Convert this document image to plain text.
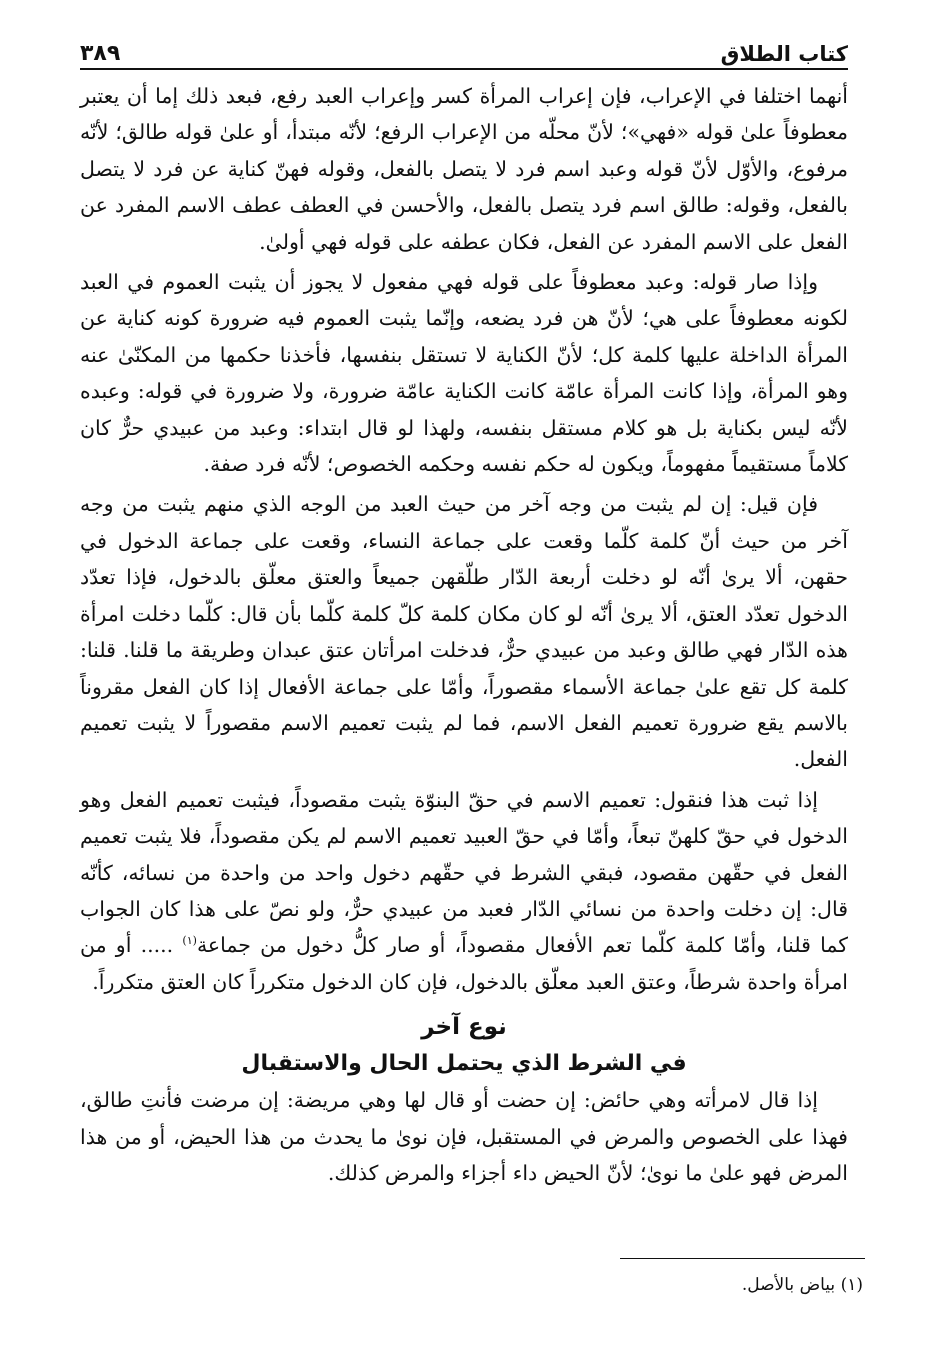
كتاب الطلاق
٣٨٩

أنهما اختلفا في الإعراب، فإن إعراب المرأة كسر وإعراب العبد رفع، فبعد ذلك إما أن يعتبر معطوفاً علىٰ قوله «فهي»؛ لأنّ محلّه من الإعراب الرفع؛ لأنّه مبتدأ، أو علىٰ قوله طالق؛ لأنّه مرفوع، والأوّل لأنّ قوله وعبد اسم فرد لا يتصل بالفعل، وقوله فهنّ كناية عن فرد لا يتصل بالفعل، وقوله: طالق اسم فرد يتصل بالفعل، والأحسن في العطف عطف الاسم المفرد عن الفعل على الاسم المفرد عن الفعل، فكان عطفه على قوله فهي أولىٰ.

وإذا صار قوله: وعبد معطوفاً على قوله فهي مفعول لا يجوز أن يثبت العموم في العبد لكونه معطوفاً على هي؛ لأنّ هن فرد يضعه، وإنّما يثبت العموم فيه ضرورة كونه كناية عن المرأة الداخلة عليها كلمة كل؛ لأنّ الكناية لا تستقل بنفسها، فأخذنا حكمها من المكنّىٰ عنه وهو المرأة، وإذا كانت المرأة عامّة كانت الكناية عامّة ضرورة، ولا ضرورة في قوله: وعبده لأنّه ليس بكناية بل هو كلام مستقل بنفسه، ولهذا لو قال ابتداء: وعبد من عبيدي حرٌّ كان كلاماً مستقيماً مفهوماً، ويكون له حكم نفسه وحكمه الخصوص؛ لأنّه فرد صفة.

فإن قيل: إن لم يثبت من وجه آخر من حيث العبد من الوجه الذي منهم يثبت من وجه آخر من حيث أنّ كلمة كلّما وقعت على جماعة النساء، وقعت على جماعة الدخول في حقهن، ألا يرىٰ أنّه لو دخلت أربعة الدّار طلّقهن جميعاً والعتق معلّق بالدخول، فإذا تعدّد الدخول تعدّد العتق، ألا يرىٰ أنّه لو كان مكان كلمة كلّ كلمة كلّما بأن قال: كلّما دخلت امرأة هذه الدّار فهي طالق وعبد من عبيدي حرٌّ، فدخلت امرأتان عتق عبدان وطريقة ما قلنا. قلنا: كلمة كل تقع علىٰ جماعة الأسماء مقصوراً، وأمّا على جماعة الأفعال إذا كان الفعل مقروناً بالاسم يقع ضرورة تعميم الفعل الاسم، فما لم يثبت تعميم الاسم مقصوراً لا يثبت تعميم الفعل.

إذا ثبت هذا فنقول: تعميم الاسم في حقّ البنوّة يثبت مقصوداً، فيثبت تعميم الفعل وهو الدخول في حقّ كلهنّ تبعاً، وأمّا في حقّ العبيد تعميم الاسم لم يكن مقصوداً، فلا يثبت تعميم الفعل في حقّهن مقصود، فبقي الشرط في حقّهم دخول واحد من واحدة من نسائه، كأنّه قال: إن دخلت واحدة من نسائي الدّار فعبد من عبيدي حرٌّ، ولو نصّ على هذا كان الجواب كما قلنا، وأمّا كلمة كلّما تعم الأفعال مقصوداً، أو صار كلُّ دخول من جماعة$^{(١)}$ ..... أو من امرأة واحدة شرطاً، وعتق العبد معلّق بالدخول، فإن كان الدخول متكرراً كان العتق متكرراً.

نوع آخر
في الشرط الذي يحتمل الحال والاستقبال

إذا قال لامرأته وهي حائض: إن حضت أو قال لها وهي مريضة: إن مرضت فأنتِ طالق، فهذا على الخصوص والمرض في المستقبل، فإن نوىٰ ما يحدث من هذا الحيض، أو من هذا المرض فهو علىٰ ما نوىٰ؛ لأنّ الحيض داء أجزاء والمرض كذلك.

(١) بياض بالأصل.
